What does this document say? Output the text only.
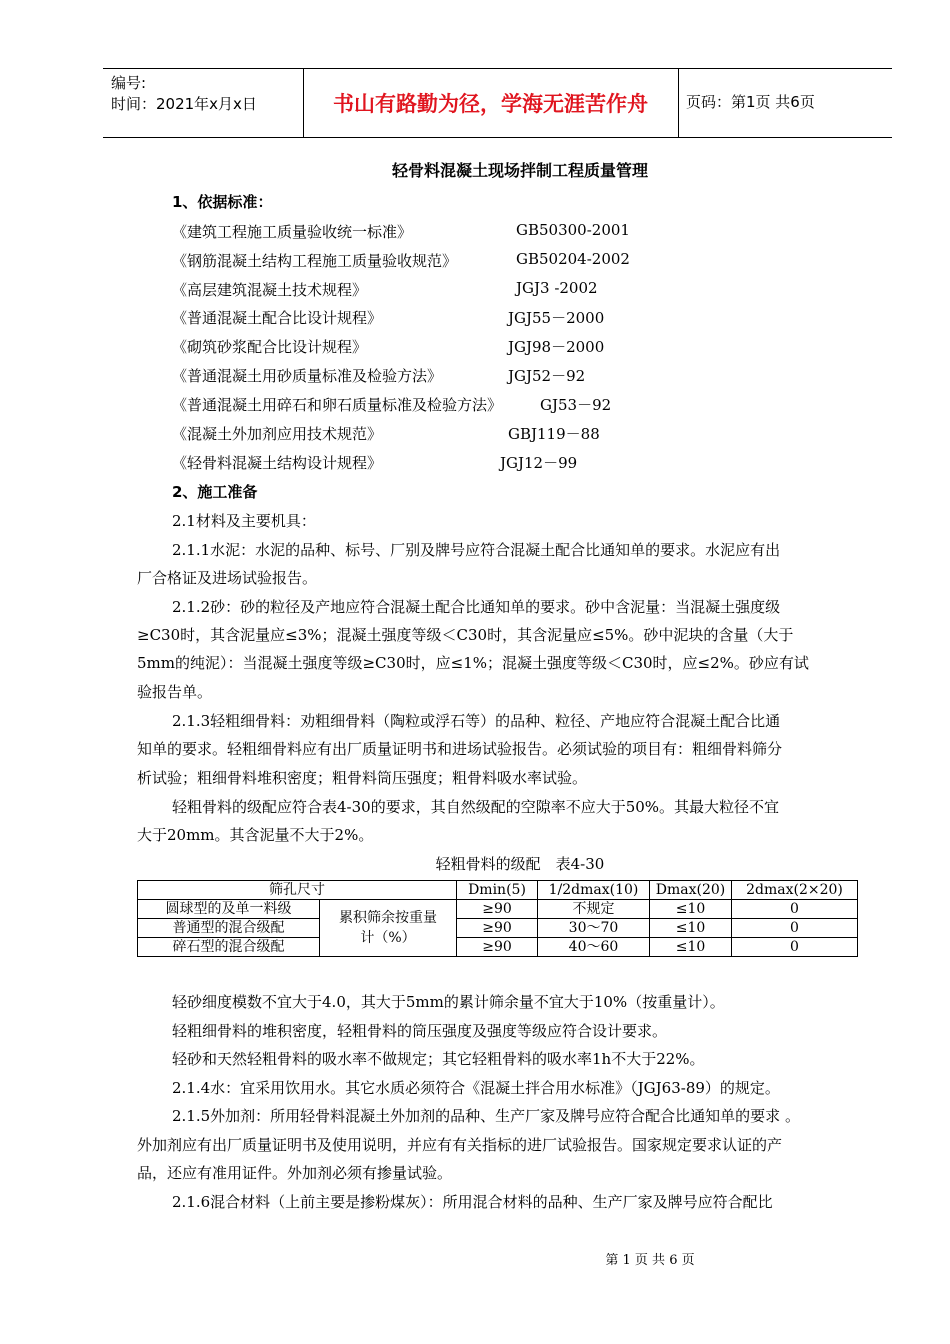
编号:
时间：2021年x月x日	书山有路勤为径，学海无涯苦作舟	页码：第1页 共6页
轻骨料混凝土现场拌制工程质量管理
1、依据标准：
《建筑工程施工质量验收统一标准》	GB50300-2001
《钢筋混凝土结构工程施工质量验收规范》	GB50204-2002
《高层建筑混凝土技术规程》	JGJ3 -2002
《普通混凝土配合比设计规程》	JGJ55－2000
《砌筑砂浆配合比设计规程》	JGJ98－2000
《普通混凝土用砂质量标准及检验方法》	JGJ52－92
《普通混凝土用碎石和卵石质量标准及检验方法》	GJ53－92
《混凝土外加剂应用技术规范》	GBJ119－88
《轻骨料混凝土结构设计规程》	JGJ12－99
2、施工准备
2.1材料及主要机具：
2.1.1水泥：水泥的品种、标号、厂别及牌号应符合混凝土配合比通知单的要求。水泥应有出
厂合格证及进场试验报告。
2.1.2砂：砂的粒径及产地应符合混凝土配合比通知单的要求。砂中含泥量：当混凝土强度级
≥C30时，其含泥量应≤3%；混凝土强度等级＜C30时，其含泥量应≤5%。砂中泥块的含量（大于
5mm的纯泥）：当混凝土强度等级≥C30时，应≤1%；混凝土强度等级＜C30时，应≤2%。砂应有试
验报告单。
2.1.3轻粗细骨料：劝粗细骨料（陶粒或浮石等）的品种、粒径、产地应符合混凝土配合比通
知单的要求。轻粗细骨料应有出厂质量证明书和进场试验报告。必须试验的项目有：粗细骨料筛分
析试验；粗细骨料堆积密度；粗骨料筒压强度；粗骨料吸水率试验。
轻粗骨料的级配应符合表4-30的要求，其自然级配的空隙率不应大于50%。其最大粒径不宜
大于20mm。其含泥量不大于2%。
轻粗骨料的级配　表4-30
筛孔尺寸		Dmin(5)	1/2dmax(10)	Dmax(20)	2dmax(2×20)
圆球型的及单一料级	累积筛余按重量计（%）	≥90	不规定	≤10	0
普通型的混合级配		≥90	30～70	≤10	0
碎石型的混合级配		≥90	40～60	≤10	0
轻砂细度模数不宜大于4.0，其大于5mm的累计筛余量不宜大于10%（按重量计）。
轻粗细骨料的堆积密度，轻粗骨料的筒压强度及强度等级应符合设计要求。
轻砂和天然轻粗骨料的吸水率不做规定；其它轻粗骨料的吸水率1h不大于22%。
2.1.4水：宜采用饮用水。其它水质必须符合《混凝土拌合用水标准》（JGJ63-89）的规定。
2.1.5外加剂：所用轻骨料混凝土外加剂的品种、生产厂家及牌号应符合配合比通知单的要求 。
外加剂应有出厂质量证明书及使用说明，并应有有关指标的进厂试验报告。国家规定要求认证的产
品，还应有准用证件。外加剂必须有掺量试验。
2.1.6混合材料（上前主要是掺粉煤灰）：所用混合材料的品种、生产厂家及牌号应符合配比
第 1 页 共 6 页
